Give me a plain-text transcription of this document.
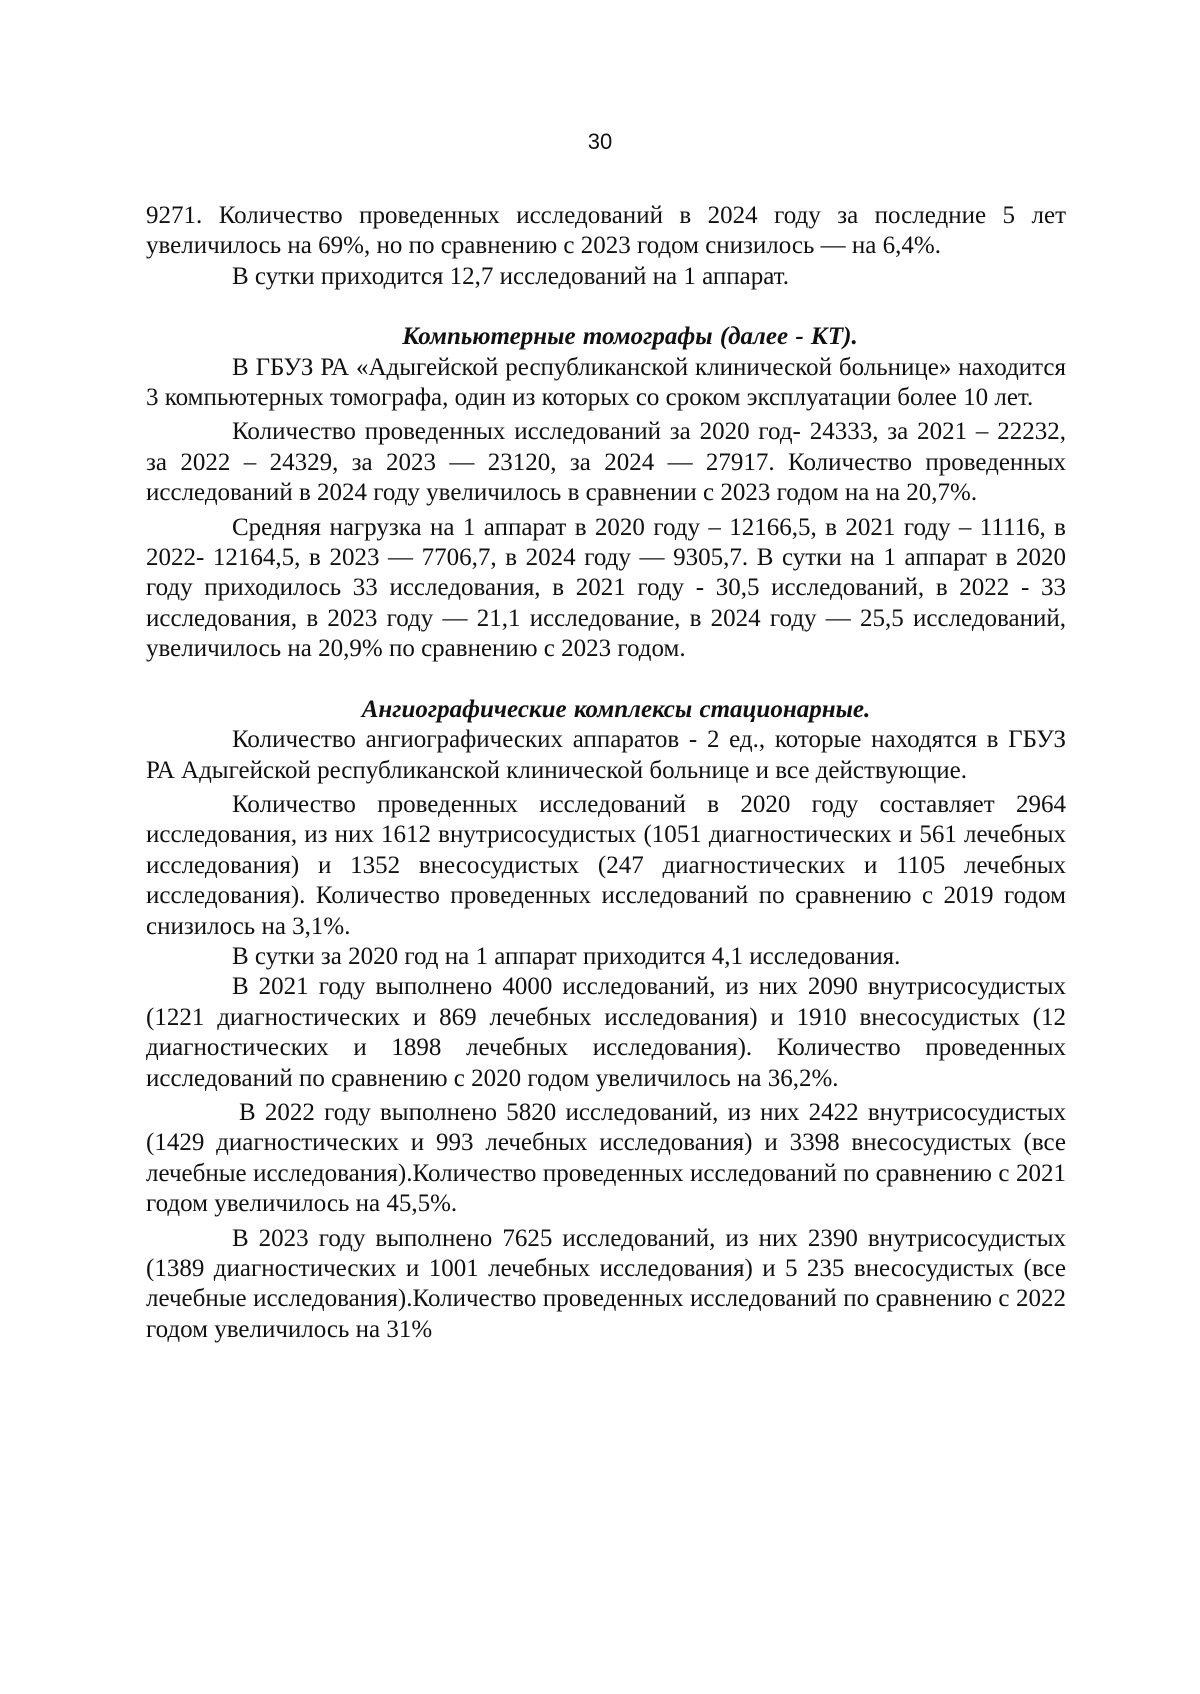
30

9271. Количество проведенных исследований в 2024 году за последние 5 лет увеличилось на 69%, но по сравнению с 2023 годом снизилось — на 6,4%.

В сутки приходится 12,7 исследований на 1 аппарат.

Компьютерные томографы (далее - КТ).

В ГБУЗ РА «Адыгейской республиканской клинической больнице» находится 3 компьютерных томографа, один из которых со сроком эксплуатации более 10 лет.

Количество проведенных исследований за 2020 год- 24333, за 2021 – 22232, за 2022 – 24329, за 2023 — 23120, за 2024 — 27917. Количество проведенных исследований в 2024 году увеличилось в сравнении с 2023 годом на на 20,7%.

Средняя нагрузка на 1 аппарат в 2020 году – 12166,5, в 2021 году – 11116, в 2022- 12164,5, в 2023 — 7706,7, в 2024 году — 9305,7. В сутки на 1 аппарат в 2020 году приходилось 33 исследования, в 2021 году - 30,5 исследований, в 2022 - 33 исследования, в 2023 году — 21,1 исследование, в 2024 году — 25,5 исследований, увеличилось на 20,9% по сравнению с 2023 годом.

Ангиографические комплексы стационарные.

Количество ангиографических аппаратов - 2 ед., которые находятся в ГБУЗ РА Адыгейской республиканской клинической больнице и все действующие.

Количество проведенных исследований в 2020 году составляет 2964 исследования, из них 1612 внутрисосудистых (1051 диагностических и 561 лечебных исследования) и 1352 внесосудистых (247 диагностических и 1105 лечебных исследования). Количество проведенных исследований по сравнению с 2019 годом снизилось на 3,1%.

В сутки за 2020 год на 1 аппарат приходится 4,1 исследования.

В 2021 году выполнено 4000 исследований, из них 2090 внутрисосудистых (1221 диагностических и 869 лечебных исследования) и 1910 внесосудистых (12 диагностических и 1898 лечебных исследования). Количество проведенных исследований по сравнению с 2020 годом увеличилось на 36,2%.

В 2022 году выполнено 5820 исследований, из них 2422 внутрисосудистых (1429 диагностических и 993 лечебных исследования) и 3398 внесосудистых (все лечебные исследования).Количество проведенных исследований по сравнению с 2021 годом увеличилось на 45,5%.

В 2023 году выполнено 7625 исследований, из них 2390 внутрисосудистых (1389 диагностических и 1001 лечебных исследования) и 5 235 внесосудистых (все лечебные исследования).Количество проведенных исследований по сравнению с 2022 годом увеличилось на 31%
